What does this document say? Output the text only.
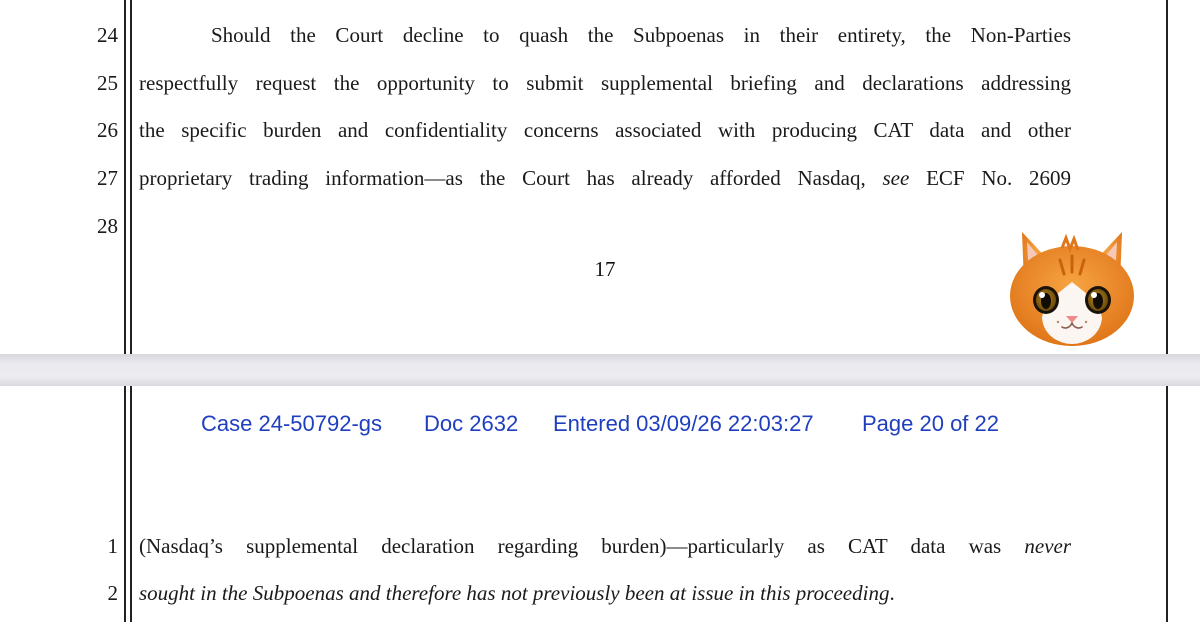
24	Should the Court decline to quash the Subpoenas in their entirety, the Non-Parties
25 respectfully request the opportunity to submit supplemental briefing and declarations addressing
26 the specific burden and confidentiality concerns associated with producing CAT data and other
27 proprietary trading information—as the Court has already afforded Nasdaq, see ECF No. 2609
28
17
Case 24-50792-gs Doc 2632 Entered 03/09/26 22:03:27 Page 20 of 22
1 (Nasdaq’s supplemental declaration regarding burden)—particularly as CAT data was never
2 sought in the Subpoenas and therefore has not previously been at issue in this proceeding.
